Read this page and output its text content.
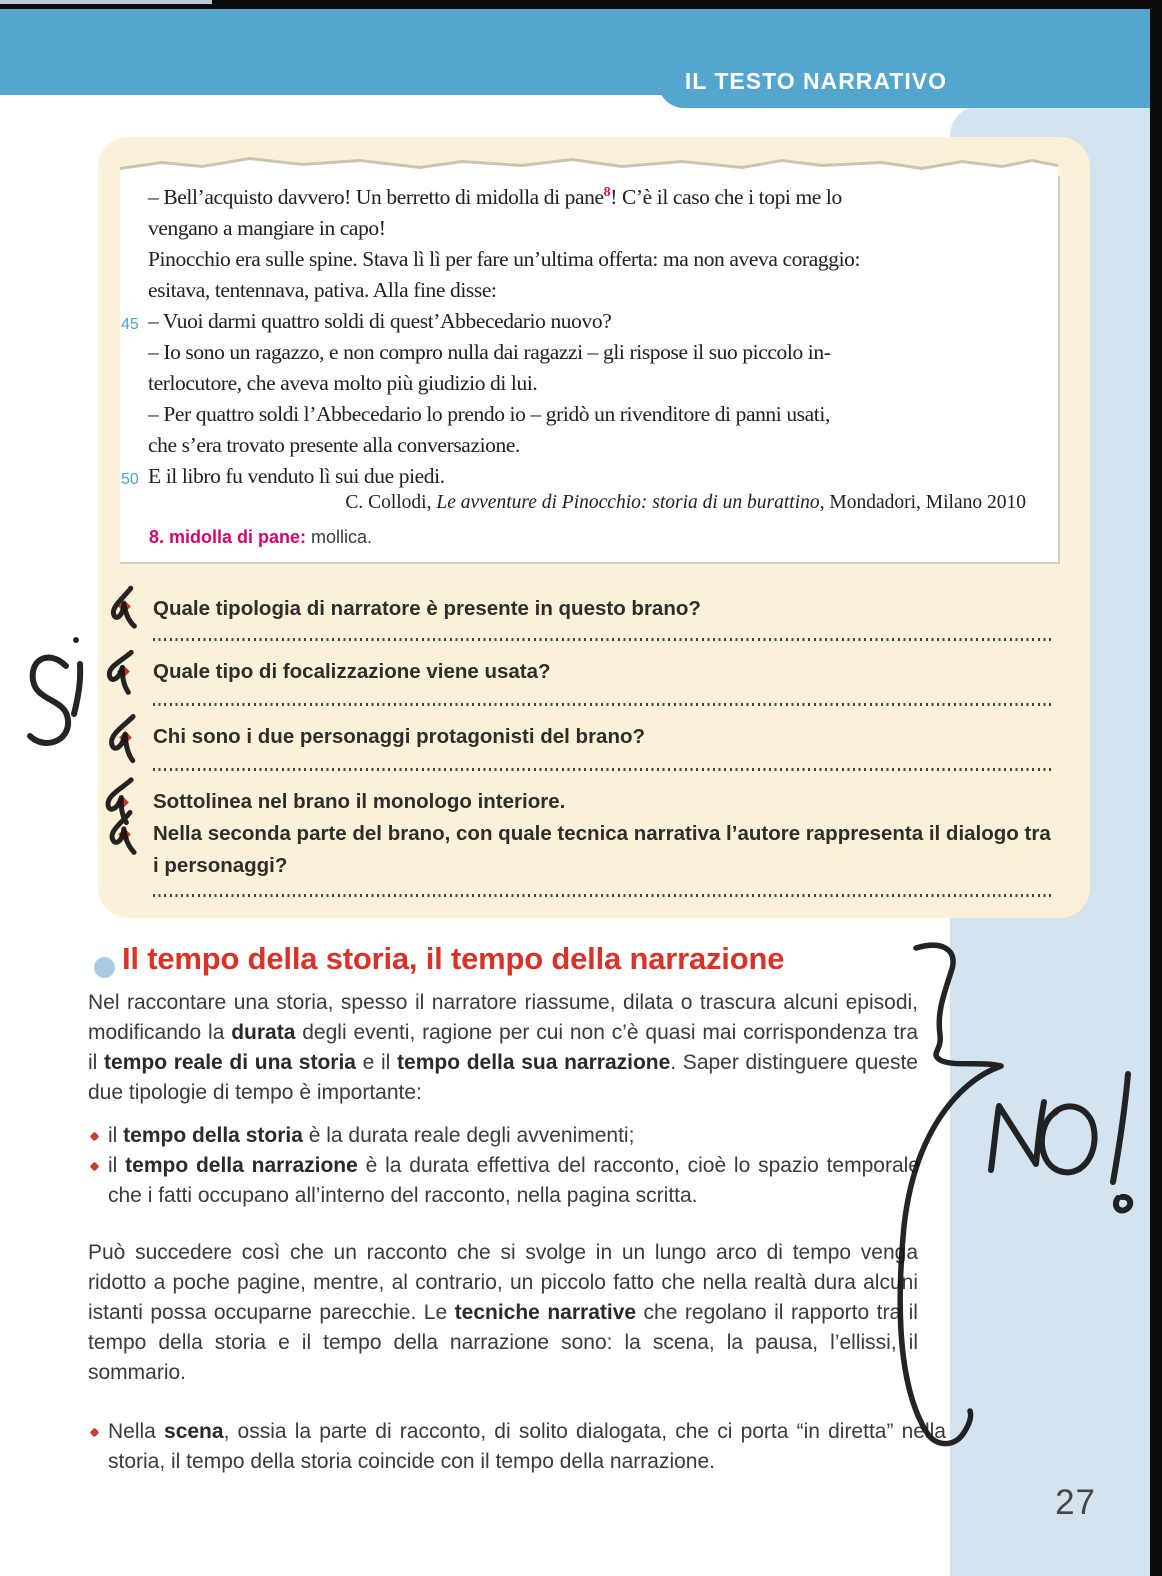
IL TESTO NARRATIVO
– Bell’acquisto davvero! Un berretto di midolla di pane$^8$! C’è il caso che i topi me lo
vengano a mangiare in capo!
Pinocchio era sulle spine. Stava lì lì per fare un’ultima offerta: ma non aveva coraggio:
esitava, tentennava, pativa. Alla fine disse:
45 – Vuoi darmi quattro soldi di quest’Abbecedario nuovo?
– Io sono un ragazzo, e non compro nulla dai ragazzi – gli rispose il suo piccolo in-
terlocutore, che aveva molto più giudizio di lui.
– Per quattro soldi l’Abbecedario lo prendo io – gridò un rivenditore di panni usati,
che s’era trovato presente alla conversazione.
50 E il libro fu venduto lì sui due piedi.
C. Collodi, Le avventure di Pinocchio: storia di un burattino, Mondadori, Milano 2010
8. midolla di pane: mollica.
Quale tipologia di narratore è presente in questo brano?
Quale tipo di focalizzazione viene usata?
Chi sono i due personaggi protagonisti del brano?
Sottolinea nel brano il monologo interiore.
Nella seconda parte del brano, con quale tecnica narrativa l’autore rappresenta il dialogo tra i personaggi?
Il tempo della storia, il tempo della narrazione
Nel raccontare una storia, spesso il narratore riassume, dilata o trascura alcuni episodi, modificando la durata degli eventi, ragione per cui non c’è quasi mai corrispondenza tra il tempo reale di una storia e il tempo della sua narrazione. Saper distinguere queste due tipologie di tempo è importante:
il tempo della storia è la durata reale degli avvenimenti;
il tempo della narrazione è la durata effettiva del racconto, cioè lo spazio temporale che i fatti occupano all’interno del racconto, nella pagina scritta.
Può succedere così che un racconto che si svolge in un lungo arco di tempo venga ridotto a poche pagine, mentre, al contrario, un piccolo fatto che nella realtà dura alcuni istanti possa occuparne parecchie. Le tecniche narrative che regolano il rapporto tra il tempo della storia e il tempo della narrazione sono: la scena, la pausa, l’ellissi, il sommario.
Nella scena, ossia la parte di racconto, di solito dialogata, che ci porta “in diretta” nella storia, il tempo della storia coincide con il tempo della narrazione.
27
